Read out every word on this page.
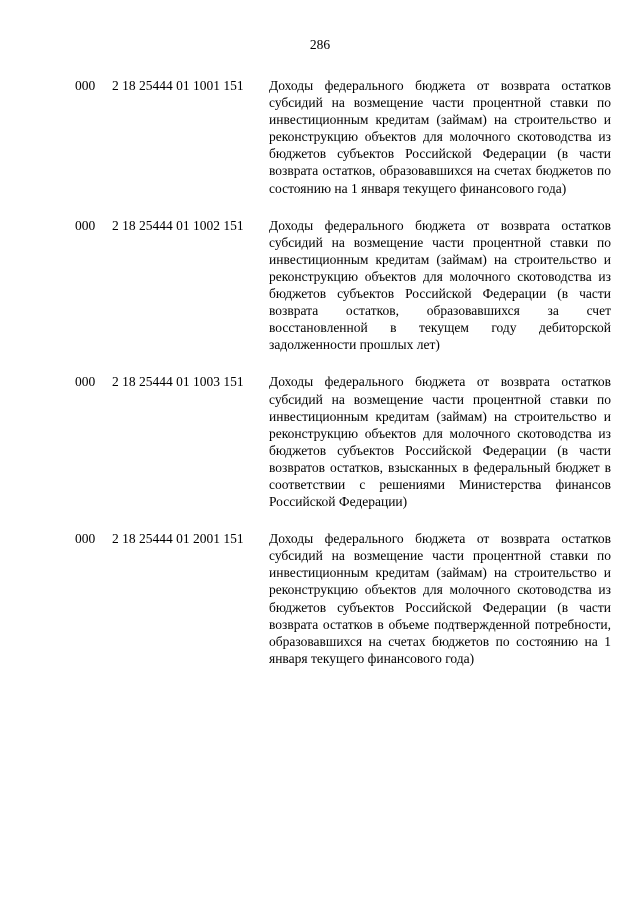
286
000	2 18 25444 01 1001 151	Доходы федерального бюджета от возврата остатков субсидий на возмещение части процентной ставки по инвестиционным кредитам (займам) на строительство и реконструкцию объектов для молочного скотоводства из бюджетов субъектов Российской Федерации (в части возврата остатков, образовавшихся на счетах бюджетов по состоянию на 1 января текущего финансового года)
000	2 18 25444 01 1002 151	Доходы федерального бюджета от возврата остатков субсидий на возмещение части процентной ставки по инвестиционным кредитам (займам) на строительство и реконструкцию объектов для молочного скотоводства из бюджетов субъектов Российской Федерации (в части возврата остатков, образовавшихся за счет восстановленной в текущем году дебиторской задолженности прошлых лет)
000	2 18 25444 01 1003 151	Доходы федерального бюджета от возврата остатков субсидий на возмещение части процентной ставки по инвестиционным кредитам (займам) на строительство и реконструкцию объектов для молочного скотоводства из бюджетов субъектов Российской Федерации (в части возвратов остатков, взысканных в федеральный бюджет в соответствии с решениями Министерства финансов Российской Федерации)
000	2 18 25444 01 2001 151	Доходы федерального бюджета от возврата остатков субсидий на возмещение части процентной ставки по инвестиционным кредитам (займам) на строительство и реконструкцию объектов для молочного скотоводства из бюджетов субъектов Российской Федерации (в части возврата остатков в объеме подтвержденной потребности, образовавшихся на счетах бюджетов по состоянию на 1 января текущего финансового года)
